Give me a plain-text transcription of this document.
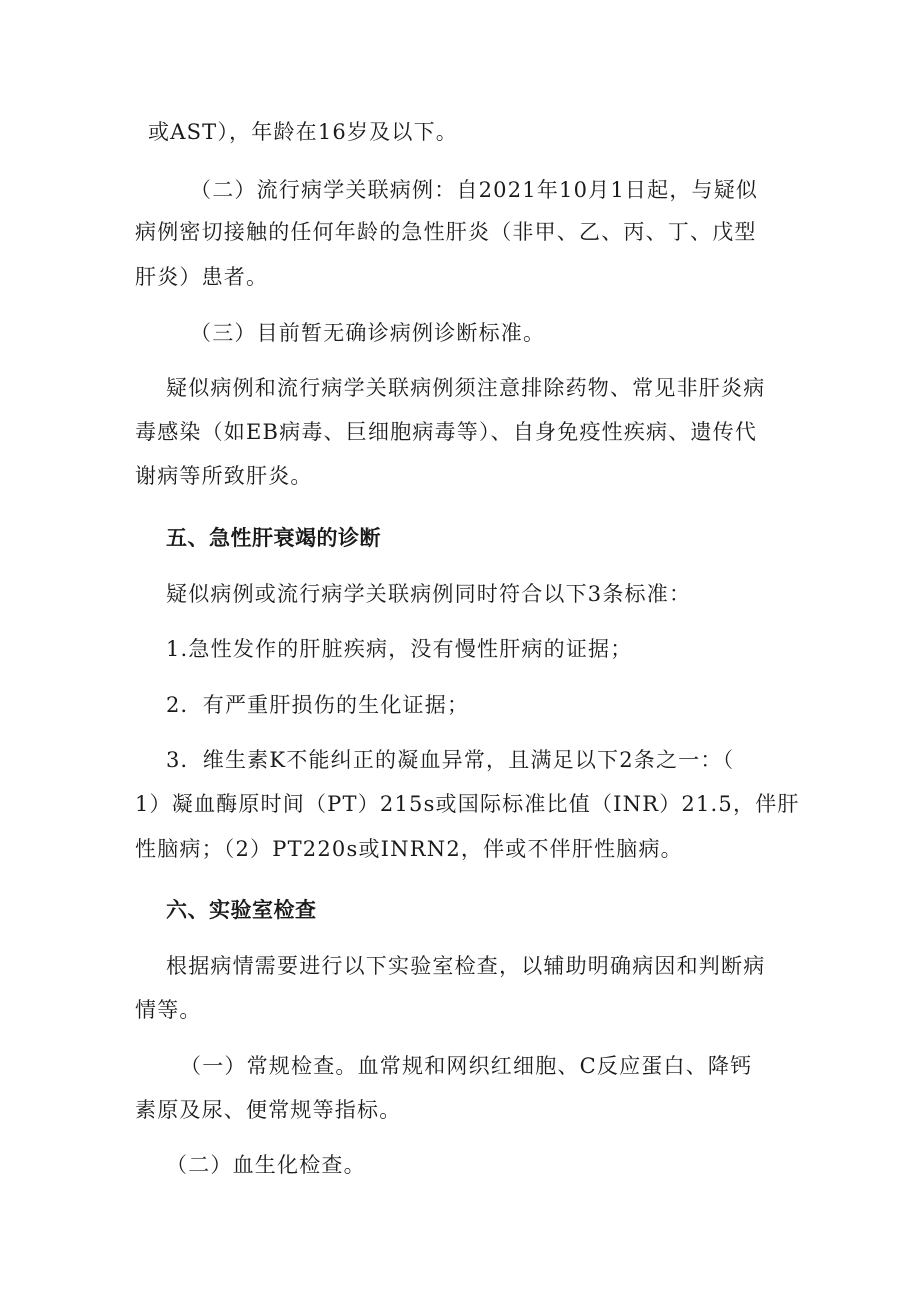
或AST），年龄在16岁及以下。
（二）流行病学关联病例：自2021年10月1日起，与疑似
病例密切接触的任何年龄的急性肝炎（非甲、乙、丙、丁、戊型
肝炎）患者。
（三）目前暂无确诊病例诊断标准。
疑似病例和流行病学关联病例须注意排除药物、常见非肝炎病
毒感染（如EB病毒、巨细胞病毒等）、自身免疫性疾病、遗传代
谢病等所致肝炎。
五、急性肝衰竭的诊断
疑似病例或流行病学关联病例同时符合以下3条标准：
1.急性发作的肝脏疾病，没有慢性肝病的证据；
2．有严重肝损伤的生化证据；
3．维生素K不能纠正的凝血异常，且满足以下2条之一：（
1）凝血酶原时间（PT）215s或国际标准比值（INR）21.5，伴肝
性脑病；（2）PT220s或INRN2，伴或不伴肝性脑病。
六、实验室检查
根据病情需要进行以下实验室检查，以辅助明确病因和判断病
情等。
（一）常规检查。血常规和网织红细胞、C反应蛋白、降钙
素原及尿、便常规等指标。
（二）血生化检查。
